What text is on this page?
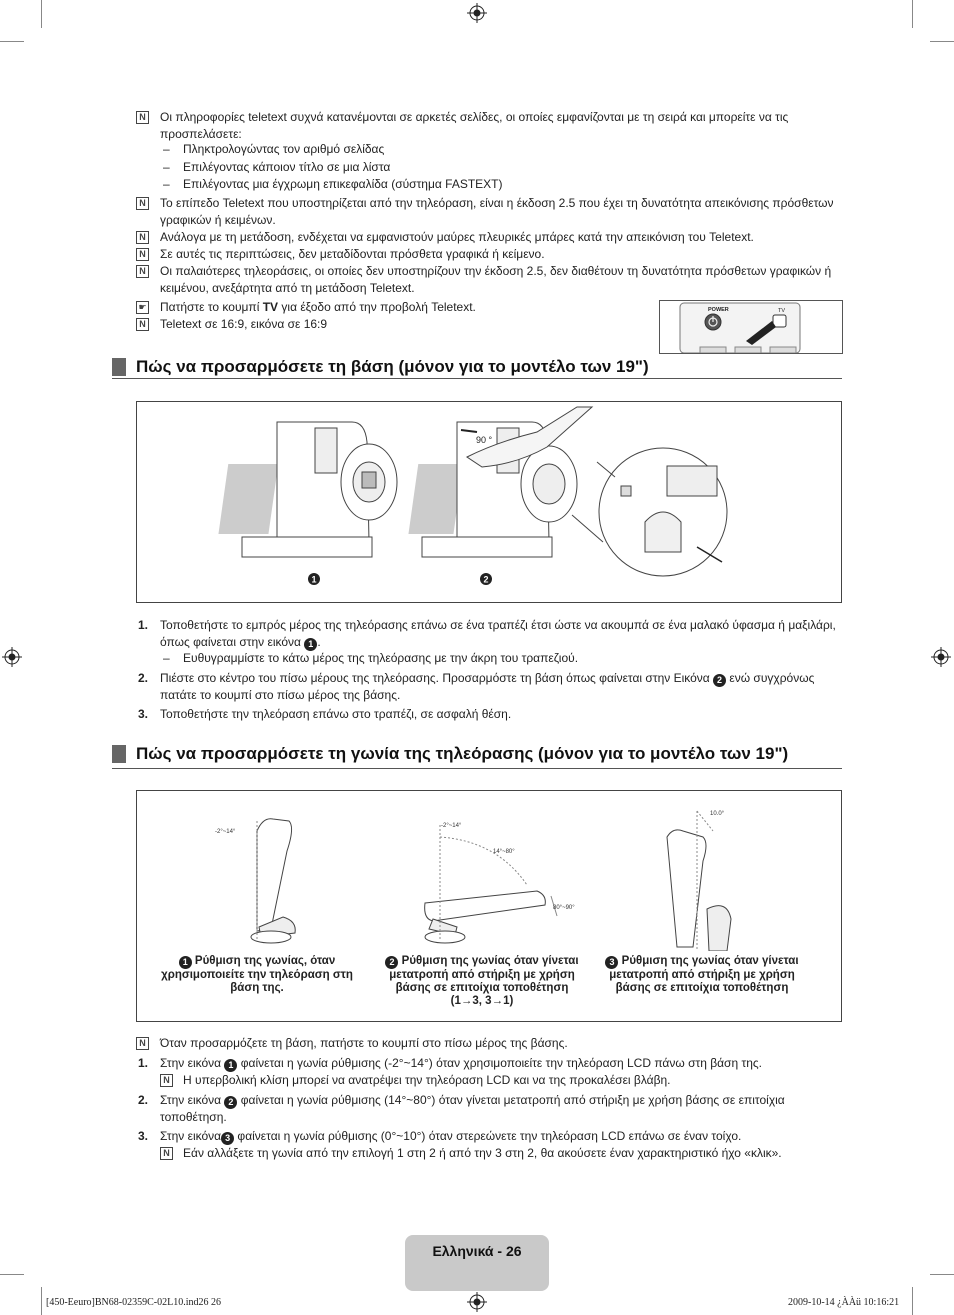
N Οι πληροφορίες teletext συχνά κατανέμονται σε αρκετές σελίδες, οι οποίες εμφανίζονται με τη σειρά και μπορείτε να τις προσπελάσετε:
– Πληκτρολογώντας τον αριθμό σελίδας
– Επιλέγοντας κάποιον τίτλο σε μια λίστα
– Επιλέγοντας μια έγχρωμη επικεφαλίδα (σύστημα FASTEXT)
N Το επίπεδο Teletext που υποστηρίζεται από την τηλεόραση, είναι η έκδοση 2.5 που έχει τη δυνατότητα απεικόνισης πρόσθετων γραφικών ή κειμένων.
N Ανάλογα με τη μετάδοση, ενδέχεται να εμφανιστούν μαύρες πλευρικές μπάρες κατά την απεικόνιση του Teletext.
N Σε αυτές τις περιπτώσεις, δεν μεταδίδονται πρόσθετα γραφικά ή κείμενο.
N Οι παλαιότερες τηλεοράσεις, οι οποίες δεν υποστηρίζουν την έκδοση 2.5, δεν διαθέτουν τη δυνατότητα πρόσθετων γραφικών ή κειμένου, ανεξάρτητα από τη μετάδοση Teletext.
☛ Πατήστε το κουμπί TV για έξοδο από την προβολή Teletext.
N Teletext σε 16:9, εικόνα σε 16:9
POWER	TV
Πώς να προσαρμόσετε τη βάση (μόνον για το μοντέλο των 19")
90 °
1	2
1. Τοποθετήστε το εμπρός μέρος της τηλεόρασης επάνω σε ένα τραπέζι έτσι ώστε να ακουμπά σε ένα μαλακό ύφασμα ή μαξιλάρι, όπως φαίνεται στην εικόνα 1 .
– Ευθυγραμμίστε το κάτω μέρος της τηλεόρασης με την άκρη του τραπεζιού.
2. Πιέστε στο κέντρο του πίσω μέρους της τηλεόρασης. Προσαρμόστε τη βάση όπως φαίνεται στην Εικόνα 2 ενώ συγχρόνως πατάτε το κουμπί στο πίσω μέρος της βάσης.
3. Τοποθετήστε την τηλεόραση επάνω στο τραπέζι, σε ασφαλή θέση.
Πώς να προσαρμόσετε τη γωνία της τηλεόρασης (μόνον για το μοντέλο των 19")
-2°~14°
-2°~14°
14°~80°
80°~90°
10.0°
1 Ρύθμιση της γωνίας, όταν χρησιμοποιείτε την τηλεόραση στη βάση της.
2 Ρύθμιση της γωνίας όταν γίνεται μετατροπή από στήριξη με χρήση βάσης σε επιτοίχια τοποθέτηση (1→3, 3→1)
3 Ρύθμιση της γωνίας όταν γίνεται μετατροπή από στήριξη με χρήση βάσης σε επιτοίχια τοποθέτηση
N Όταν προσαρμόζετε τη βάση, πατήστε το κουμπί στο πίσω μέρος της βάσης.
1. Στην εικόνα 1 φαίνεται η γωνία ρύθμισης (-2°~14°) όταν χρησιμοποιείτε την τηλεόραση LCD πάνω στη βάση της.
N Η υπερβολική κλίση μπορεί να ανατρέψει την τηλεόραση LCD και να της προκαλέσει βλάβη.
2. Στην εικόνα 2 φαίνεται η γωνία ρύθμισης (14°~80°) όταν γίνεται μετατροπή από στήριξη με χρήση βάσης σε επιτοίχια τοποθέτηση.
3. Στην εικόνα 3 φαίνεται η γωνία ρύθμισης (0°~10°) όταν στερεώνετε την τηλεόραση LCD επάνω σε έναν τοίχο.
N Εάν αλλάξετε τη γωνία από την επιλογή 1 στη 2 ή από την 3 στη 2, θα ακούσετε έναν χαρακτηριστικό ήχο «κλικ».
Ελληνικά - 26
[450-Eeuro]BN68-02359C-02L10.ind26 26	2009-10-14 ¿ÀÀü 10:16:21
